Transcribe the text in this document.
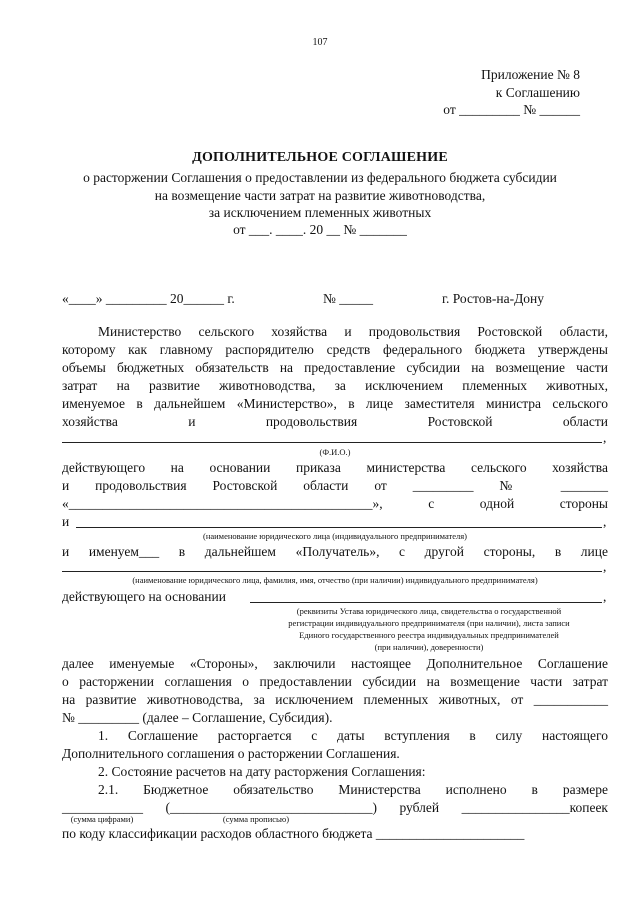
107
Приложение № 8
к Соглашению
от _________ № ______
ДОПОЛНИТЕЛЬНОЕ СОГЛАШЕНИЕ
о расторжении Соглашения о предоставлении из федерального бюджета субсидии
на возмещение части затрат на развитие животноводства,
за исключением племенных животных
от ___. ____. 20 __ № _______
«____» _________ 20______ г.	№ _____	г. Ростов-на-Дону
Министерство сельского хозяйства и продовольствия Ростовской области,
которому как главному распорядителю средств федерального бюджета утверждены
объемы бюджетных обязательств на предоставление субсидии на возмещение части
затрат на развитие животноводства, за исключением племенных животных,
именуемое в дальнейшем «Министерство», в лице заместителя министра сельского
хозяйства и продовольствия Ростовской области
,
(Ф.И.О.)
действующего на основании приказа министерства сельского хозяйства
и продовольствия Ростовской области от _________ № _______
«_____________________________________________», с одной стороны
и	,
(наименование юридического лица (индивидуального предпринимателя)
и именуем___ в дальнейшем «Получатель», с другой стороны, в лице
,
(наименование юридического лица, фамилия, имя, отчество (при наличии) индивидуального предпринимателя)
действующего на основании	,
(реквизиты Устава юридического лица, свидетельства о государственной
регистрации индивидуального предпринимателя (при наличии), листа записи
Единого государственного реестра индивидуальных предпринимателей
(при наличии), доверенности)
далее именуемые «Стороны», заключили настоящее Дополнительное Соглашение
о расторжении соглашения о предоставлении субсидии на возмещение части затрат
на развитие животноводства, за исключением племенных животных, от ___________
№ _________ (далее – Соглашение, Субсидия).
1. Соглашение расторгается с даты вступления в силу настоящего
Дополнительного соглашения о расторжении Соглашения.
2. Состояние расчетов на дату расторжения Соглашения:
2.1. Бюджетное обязательство Министерства исполнено в размере
____________ (______________________________) рублей ________________копеек
(сумма цифрами)	(сумма прописью)
по коду классификации расходов областного бюджета ______________________
